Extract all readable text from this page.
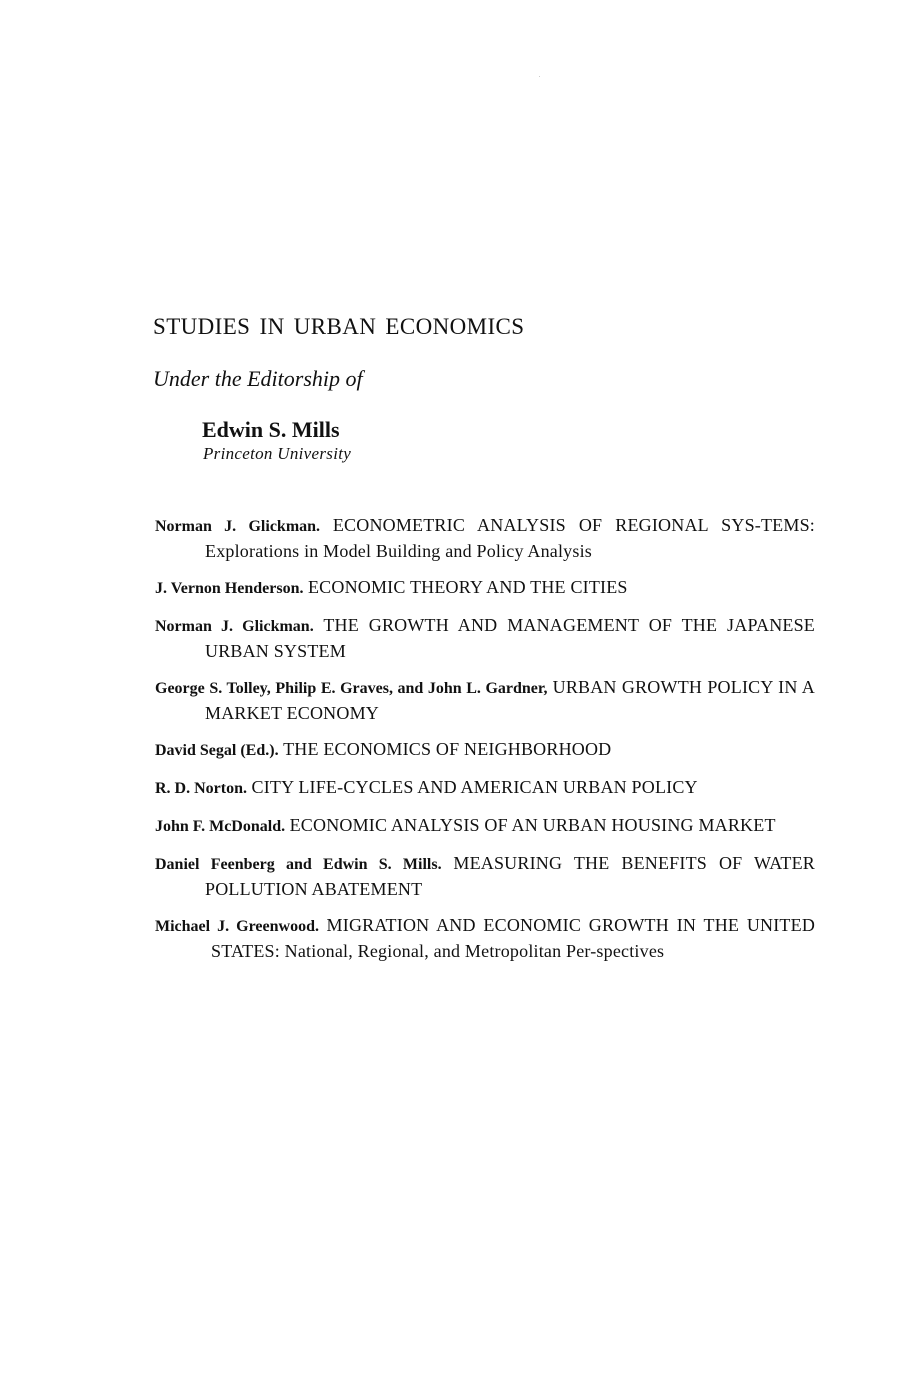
STUDIES IN URBAN ECONOMICS
Under the Editorship of
Edwin S. Mills
Princeton University
Norman J. Glickman. ECONOMETRIC ANALYSIS OF REGIONAL SYS-TEMS: Explorations in Model Building and Policy Analysis
J. Vernon Henderson. ECONOMIC THEORY AND THE CITIES
Norman J. Glickman. THE GROWTH AND MANAGEMENT OF THE JAPANESE URBAN SYSTEM
George S. Tolley, Philip E. Graves, and John L. Gardner, URBAN GROWTH POLICY IN A MARKET ECONOMY
David Segal (Ed.). THE ECONOMICS OF NEIGHBORHOOD
R. D. Norton. CITY LIFE-CYCLES AND AMERICAN URBAN POLICY
John F. McDonald. ECONOMIC ANALYSIS OF AN URBAN HOUSING MARKET
Daniel Feenberg and Edwin S. Mills. MEASURING THE BENEFITS OF WATER POLLUTION ABATEMENT
Michael J. Greenwood. MIGRATION AND ECONOMIC GROWTH IN THE UNITED STATES: National, Regional, and Metropolitan Per-spectives
